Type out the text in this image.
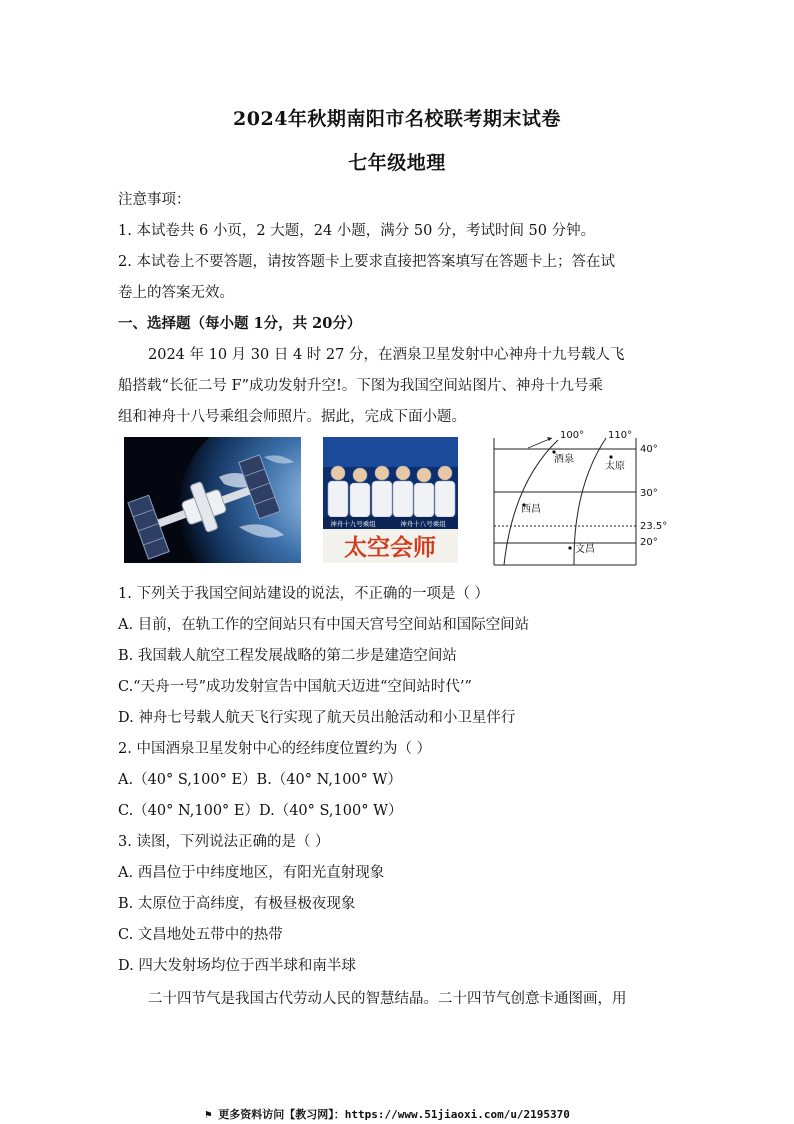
2024年秋期南阳市名校联考期末试卷
七年级地理
注意事项：
1. 本试卷共 6 小页，2 大题，24 小题，满分 50 分，考试时间 50 分钟。
2. 本试卷上不要答题，请按答题卡上要求直接把答案填写在答题卡上；答在试
卷上的答案无效。
一、选择题（每小题 1分，共 20分）
2024 年 10 月 30 日 4 时 27 分，在酒泉卫星发射中心神舟十九号载人飞
船搭载“长征二号 F”成功发射升空!。下图为我国空间站图片、神舟十九号乘
组和神舟十八号乘组会师照片。据此，完成下面小题。
神舟十九号乘组	神舟十八号乘组
太空会师
100° 110°
40°
30°
23.5°
20°
酒泉
太原
西昌
文昌
1. 下列关于我国空间站建设的说法，不正确的一项是（ ）
A. 目前，在轨工作的空间站只有中国天宫号空间站和国际空间站
B. 我国载人航空工程发展战略的第二步是建造空间站
C.“天舟一号”成功发射宣告中国航天迈进“空间站时代’”
D. 神舟七号载人航天飞行实现了航天员出舱活动和小卫星伴行
2. 中国酒泉卫星发射中心的经纬度位置约为（ ）
A.（40° S,100° E）B.（40° N,100° W）
C.（40° N,100° E）D.（40° S,100° W）
3. 读图，下列说法正确的是（ ）
A. 西昌位于中纬度地区，有阳光直射现象
B. 太原位于高纬度，有极昼极夜现象
C. 文昌地处五带中的热带
D. 四大发射场均位于西半球和南半球
二十四节气是我国古代劳动人民的智慧结晶。二十四节气创意卡通图画，用
⚑ 更多资料访问【教习网】：https://www.51jiaoxi.com/u/2195370
